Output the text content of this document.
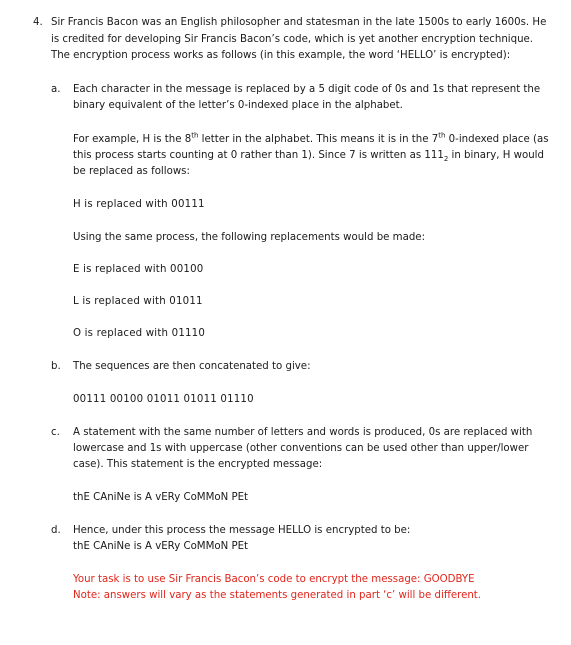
4. Sir Francis Bacon was an English philosopher and statesman in the late 1500s to early 1600s. He
is credited for developing Sir Francis Bacon’s code, which is yet another encryption technique.
The encryption process works as follows (in this example, the word ‘HELLO’ is encrypted):
a. Each character in the message is replaced by a 5 digit code of 0s and 1s that represent the
binary equivalent of the letter’s 0-indexed place in the alphabet.
For example, H is the 8th letter in the alphabet. This means it is in the 7th 0-indexed place (as
this process starts counting at 0 rather than 1). Since 7 is written as $111_2$ in binary, H would
be replaced as follows:
H is replaced with 00111
Using the same process, the following replacements would be made:
E is replaced with 00100
L is replaced with 01011
O is replaced with 01110
b. The sequences are then concatenated to give:
00111 00100 01011 01011 01110
c. A statement with the same number of letters and words is produced, 0s are replaced with
lowercase and 1s with uppercase (other conventions can be used other than upper/lower
case). This statement is the encrypted message:
thE CAniNe is A vERy CoMMoN PEt
d. Hence, under this process the message HELLO is encrypted to be:
thE CAniNe is A vERy CoMMoN PEt
Your task is to use Sir Francis Bacon’s code to encrypt the message: GOODBYE
Note: answers will vary as the statements generated in part ‘c’ will be different.
